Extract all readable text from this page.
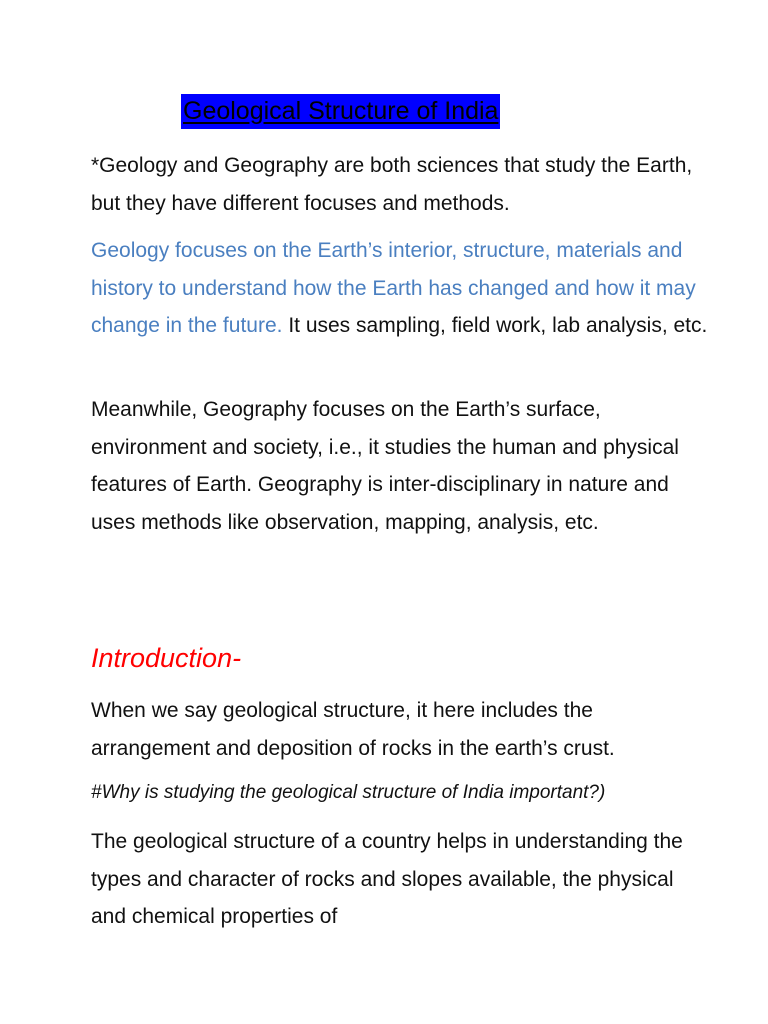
Geological Structure of India

*Geology and Geography are both sciences that study the Earth, but they have different focuses and methods.

Geology focuses on the Earth’s interior, structure, materials and history to understand how the Earth has changed and how it may change in the future. It uses sampling, field work, lab analysis, etc.

Meanwhile, Geography focuses on the Earth’s surface, environment and society, i.e., it studies the human and physical features of Earth. Geography is inter-disciplinary in nature and uses methods like observation, mapping, analysis, etc.

Introduction-

When we say geological structure, it here includes the arrangement and deposition of rocks in the earth’s crust.

#Why is studying the geological structure of India important?)

The geological structure of a country helps in understanding the types and character of rocks and slopes available, the physical and chemical properties of
